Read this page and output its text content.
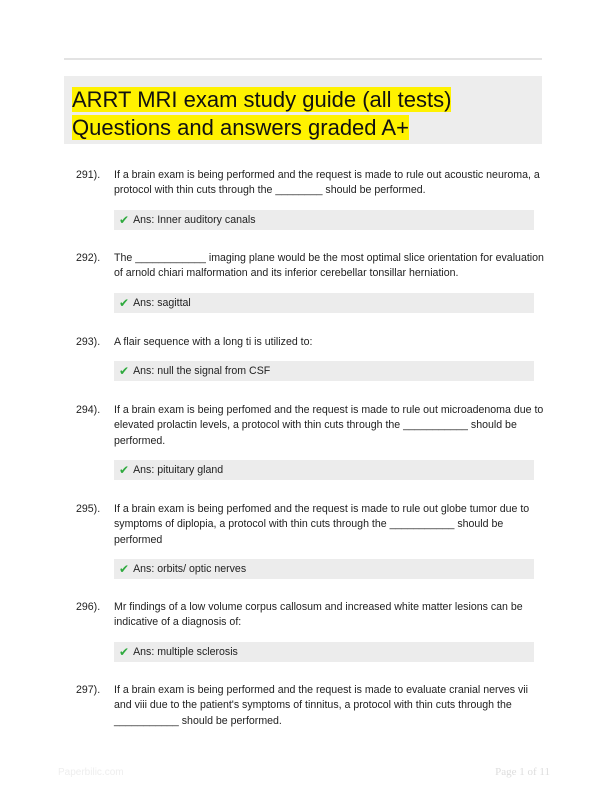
ARRT MRI exam study guide (all tests) Questions and answers graded A+
291).	If a brain exam is being performed and the request is made to rule out acoustic neuroma, a protocol with thin cuts through the ________ should be performed.
✔ Ans: Inner auditory canals
292).	The ____________ imaging plane would be the most optimal slice orientation for evaluation of arnold chiari malformation and its inferior cerebellar tonsillar herniation.
✔ Ans: sagittal
293).	A flair sequence with a long ti is utilized to:
✔ Ans: null the signal from CSF
294).	If a brain exam is being perfomed and the request is made to rule out microadenoma due to elevated prolactin levels, a protocol with thin cuts through the ___________ should be performed.
✔ Ans: pituitary gland
295).	If a brain exam is being perfomed and the request is made to rule out globe tumor due to symptoms of diplopia, a protocol with thin cuts through the ___________ should be performed
✔ Ans: orbits/ optic nerves
296).	Mr findings of a low volume corpus callosum and increased white matter lesions can be indicative of a diagnosis of:
✔ Ans: multiple sclerosis
297).	If a brain exam is being performed and the request is made to evaluate cranial nerves vii and viii due to the patient's symptoms of tinnitus, a protocol with thin cuts through the ___________ should be performed.
Paperbilic.com	Page 1 of 11
